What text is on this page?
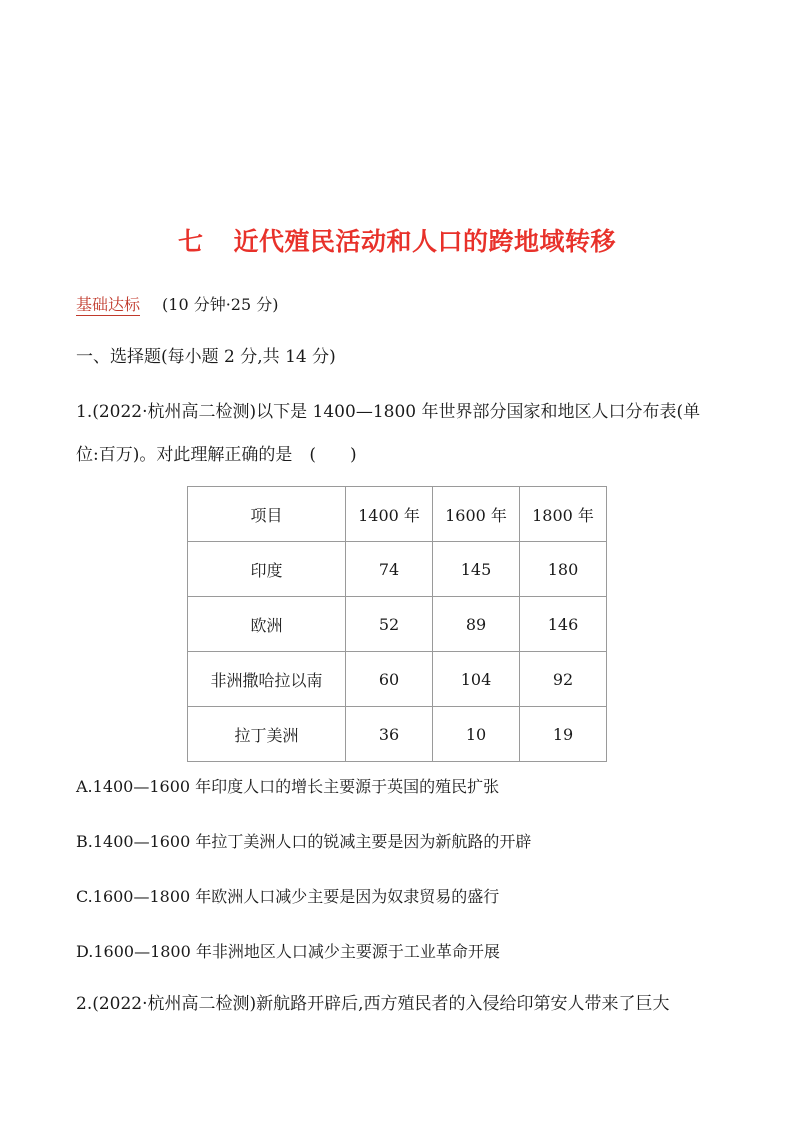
七 近代殖民活动和人口的跨地域转移
基础达标 (10 分钟·25 分)
一、选择题(每小题 2 分,共 14 分)
1.(2022·杭州高二检测)以下是 1400—1800 年世界部分国家和地区人口分布表(单
位:百万)。对此理解正确的是　(　　)
项目	1400 年	1600 年	1800 年
印度	74	145	180
欧洲	52	89	146
非洲撒哈拉以南	60	104	92
拉丁美洲	36	10	19
A.1400—1600 年印度人口的增长主要源于英国的殖民扩张
B.1400—1600 年拉丁美洲人口的锐减主要是因为新航路的开辟
C.1600—1800 年欧洲人口减少主要是因为奴隶贸易的盛行
D.1600—1800 年非洲地区人口减少主要源于工业革命开展
2.(2022·杭州高二检测)新航路开辟后,西方殖民者的入侵给印第安人带来了巨大
